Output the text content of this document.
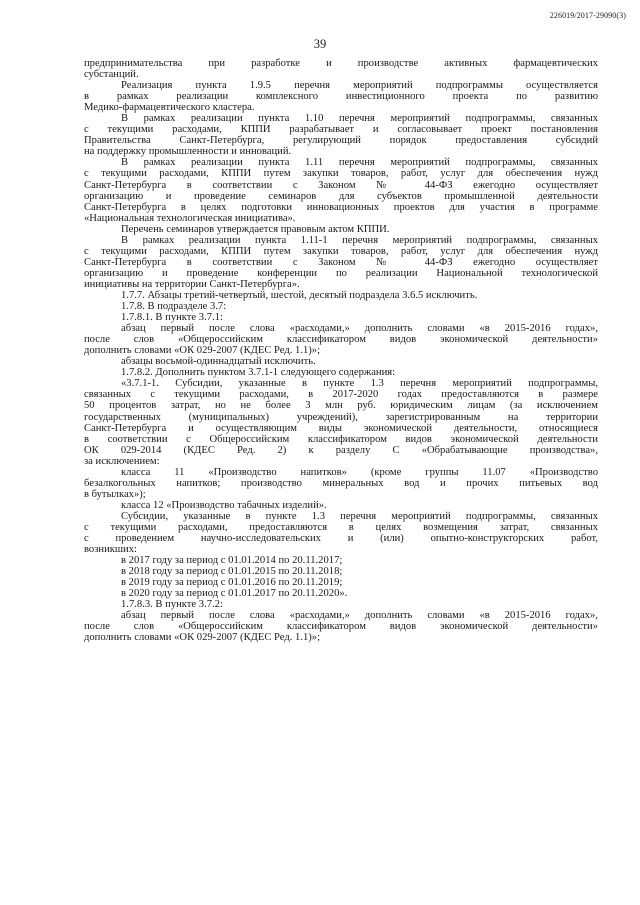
226019/2017-29090(3)
39
предпринимательства при разработке и производстве активных фармацевтических
субстанций.
Реализация пункта 1.9.5 перечня мероприятий подпрограммы осуществляется
в рамках реализации комплексного инвестиционного проекта по развитию
Медико-фармацевтического кластера.
В рамках реализации пункта 1.10 перечня мероприятий подпрограммы, связанных
с текущими расходами, КППИ разрабатывает и согласовывает проект постановления
Правительства Санкт-Петербурга, регулирующий порядок предоставления субсидий
на поддержку промышленности и инноваций.
В рамках реализации пункта 1.11 перечня мероприятий подпрограммы, связанных
с текущими расходами, КППИ путем закупки товаров, работ, услуг для обеспечения нужд
Санкт-Петербурга в соответствии с Законом № 44-ФЗ ежегодно осуществляет
организацию и проведение семинаров для субъектов промышленной деятельности
Санкт-Петербурга в целях подготовки инновационных проектов для участия в программе
«Национальная технологическая инициатива».
Перечень семинаров утверждается правовым актом КППИ.
В рамках реализации пункта 1.11-1 перечня мероприятий подпрограммы, связанных
с текущими расходами, КППИ путем закупки товаров, работ, услуг для обеспечения нужд
Санкт-Петербурга в соответствии с Законом № 44-ФЗ ежегодно осуществляет
организацию и проведение конференции по реализации Национальной технологической
инициативы на территории Санкт-Петербурга».
1.7.7. Абзацы третий-четвертый, шестой, десятый подраздела 3.6.5 исключить.
1.7.8. В подразделе 3.7:
1.7.8.1. В пункте 3.7.1:
абзац первый после слова «расходами,» дополнить словами «в 2015-2016 годах»,
после слов «Общероссийским классификатором видов экономической деятельности»
дополнить словами «ОК 029-2007 (КДЕС Ред. 1.1)»;
абзацы восьмой-одиннадцатый исключить.
1.7.8.2. Дополнить пунктом 3.7.1-1 следующего содержания:
«3.7.1-1. Субсидии, указанные в пункте 1.3 перечня мероприятий подпрограммы,
связанных с текущими расходами, в 2017-2020 годах предоставляются в размере
50 процентов затрат, но не более 3 млн руб. юридическим лицам (за исключением
государственных (муниципальных) учреждений), зарегистрированным на территории
Санкт-Петербурга и осуществляющим виды экономической деятельности, относящиеся
в соответствии с Общероссийским классификатором видов экономической деятельности
ОК 029-2014 (КДЕС Ред. 2) к разделу С «Обрабатывающие производства»,
за исключением:
класса 11 «Производство напитков» (кроме группы 11.07 «Производство
безалкогольных напитков; производство минеральных вод и прочих питьевых вод
в бутылках»);
класса 12 «Производство табачных изделий».
Субсидии, указанные в пункте 1.3 перечня мероприятий подпрограммы, связанных
с текущими расходами, предоставляются в целях возмещения затрат, связанных
с проведением научно-исследовательских и (или) опытно-конструкторских работ,
возникших:
в 2017 году за период с 01.01.2014 по 20.11.2017;
в 2018 году за период с 01.01.2015 по 20.11.2018;
в 2019 году за период с 01.01.2016 по 20.11.2019;
в 2020 году за период с 01.01.2017 по 20.11.2020».
1.7.8.3. В пункте 3.7.2:
абзац первый после слова «расходами,» дополнить словами «в 2015-2016 годах»,
после слов «Общероссийским классификатором видов экономической деятельности»
дополнить словами «ОК 029-2007 (КДЕС Ред. 1.1)»;
